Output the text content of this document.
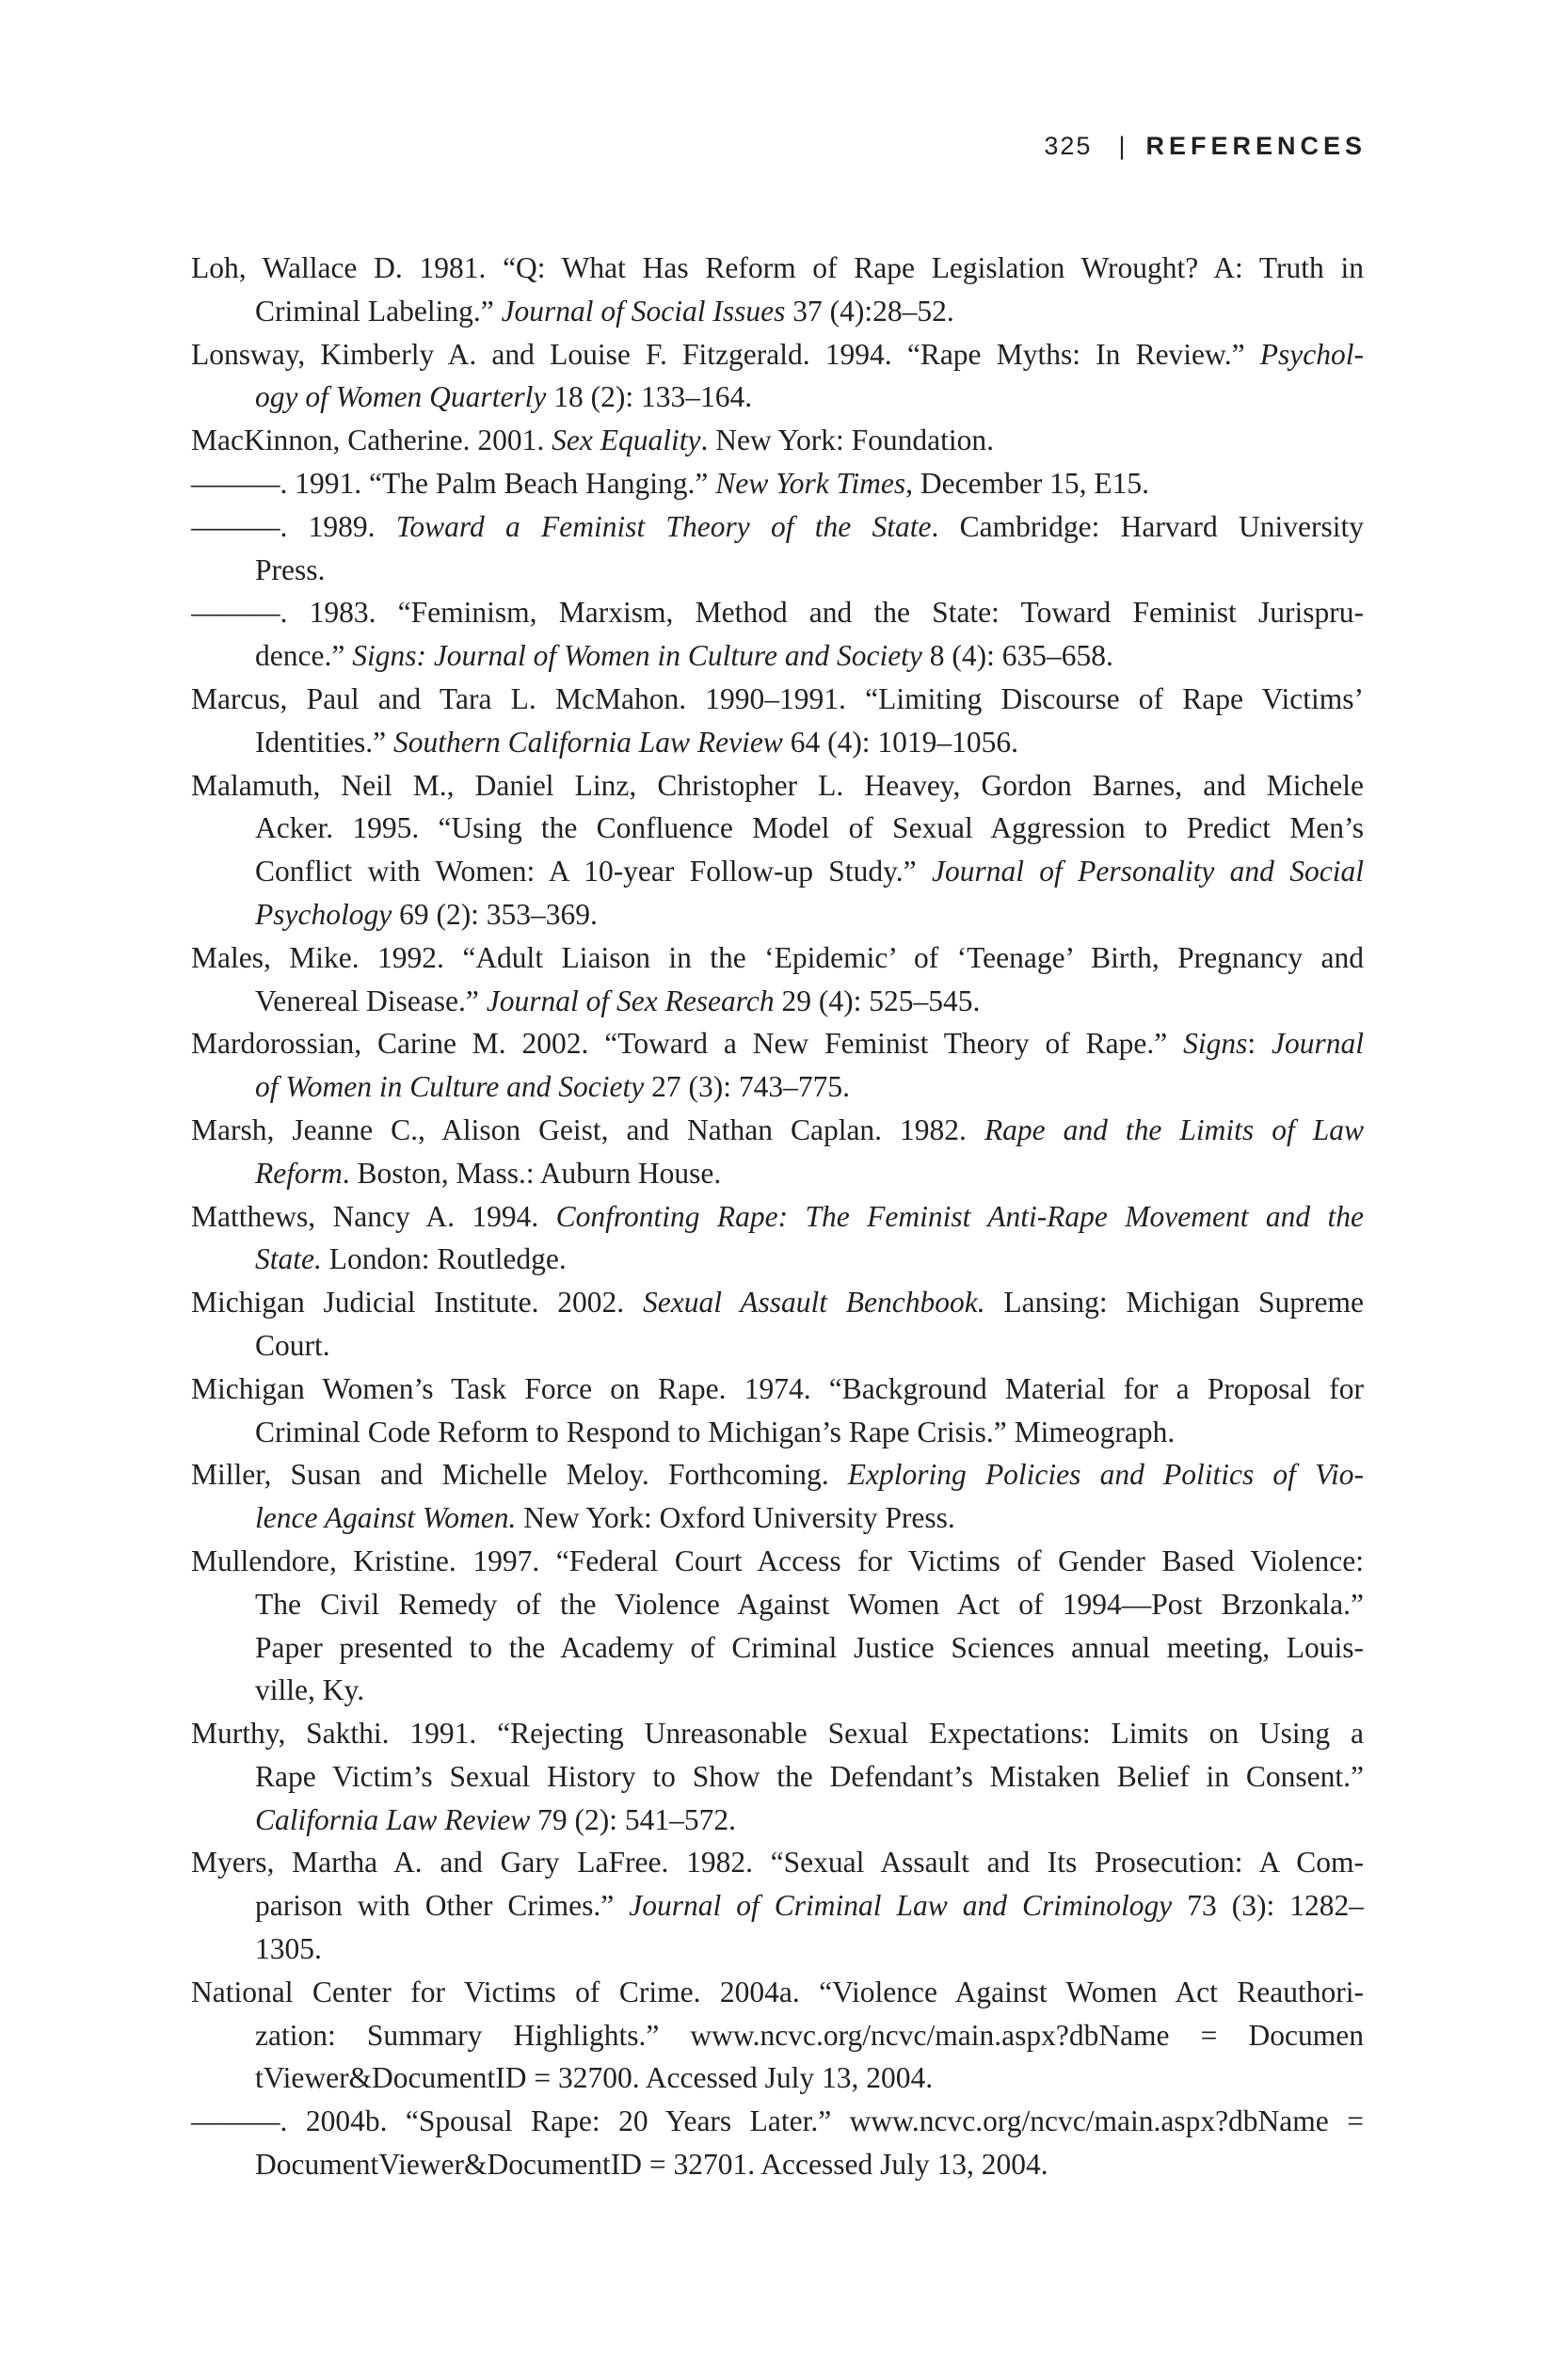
325 | REFERENCES
Loh, Wallace D. 1981. “Q: What Has Reform of Rape Legislation Wrought? A: Truth in
Criminal Labeling.” Journal of Social Issues 37 (4):28–52.
Lonsway, Kimberly A. and Louise F. Fitzgerald. 1994. “Rape Myths: In Review.” Psychol-
ogy of Women Quarterly 18 (2): 133–164.
MacKinnon, Catherine. 2001. Sex Equality. New York: Foundation.
———. 1991. “The Palm Beach Hanging.” New York Times, December 15, E15.
———. 1989. Toward a Feminist Theory of the State. Cambridge: Harvard University
Press.
———. 1983. “Feminism, Marxism, Method and the State: Toward Feminist Jurispru-
dence.” Signs: Journal of Women in Culture and Society 8 (4): 635–658.
Marcus, Paul and Tara L. McMahon. 1990–1991. “Limiting Discourse of Rape Victims’
Identities.” Southern California Law Review 64 (4): 1019–1056.
Malamuth, Neil M., Daniel Linz, Christopher L. Heavey, Gordon Barnes, and Michele
Acker. 1995. “Using the Confluence Model of Sexual Aggression to Predict Men’s
Conflict with Women: A 10-year Follow-up Study.” Journal of Personality and Social
Psychology 69 (2): 353–369.
Males, Mike. 1992. “Adult Liaison in the ‘Epidemic’ of ‘Teenage’ Birth, Pregnancy and
Venereal Disease.” Journal of Sex Research 29 (4): 525–545.
Mardorossian, Carine M. 2002. “Toward a New Feminist Theory of Rape.” Signs: Journal
of Women in Culture and Society 27 (3): 743–775.
Marsh, Jeanne C., Alison Geist, and Nathan Caplan. 1982. Rape and the Limits of Law
Reform. Boston, Mass.: Auburn House.
Matthews, Nancy A. 1994. Confronting Rape: The Feminist Anti-Rape Movement and the
State. London: Routledge.
Michigan Judicial Institute. 2002. Sexual Assault Benchbook. Lansing: Michigan Supreme
Court.
Michigan Women’s Task Force on Rape. 1974. “Background Material for a Proposal for
Criminal Code Reform to Respond to Michigan’s Rape Crisis.” Mimeograph.
Miller, Susan and Michelle Meloy. Forthcoming. Exploring Policies and Politics of Vio-
lence Against Women. New York: Oxford University Press.
Mullendore, Kristine. 1997. “Federal Court Access for Victims of Gender Based Violence:
The Civil Remedy of the Violence Against Women Act of 1994—Post Brzonkala.”
Paper presented to the Academy of Criminal Justice Sciences annual meeting, Louis-
ville, Ky.
Murthy, Sakthi. 1991. “Rejecting Unreasonable Sexual Expectations: Limits on Using a
Rape Victim’s Sexual History to Show the Defendant’s Mistaken Belief in Consent.”
California Law Review 79 (2): 541–572.
Myers, Martha A. and Gary LaFree. 1982. “Sexual Assault and Its Prosecution: A Com-
parison with Other Crimes.” Journal of Criminal Law and Criminology 73 (3): 1282–
1305.
National Center for Victims of Crime. 2004a. “Violence Against Women Act Reauthori-
zation: Summary Highlights.” www.ncvc.org/ncvc/main.aspx?dbName = Documen
tViewer&DocumentID = 32700. Accessed July 13, 2004.
———. 2004b. “Spousal Rape: 20 Years Later.” www.ncvc.org/ncvc/main.aspx?dbName =
DocumentViewer&DocumentID = 32701. Accessed July 13, 2004.
